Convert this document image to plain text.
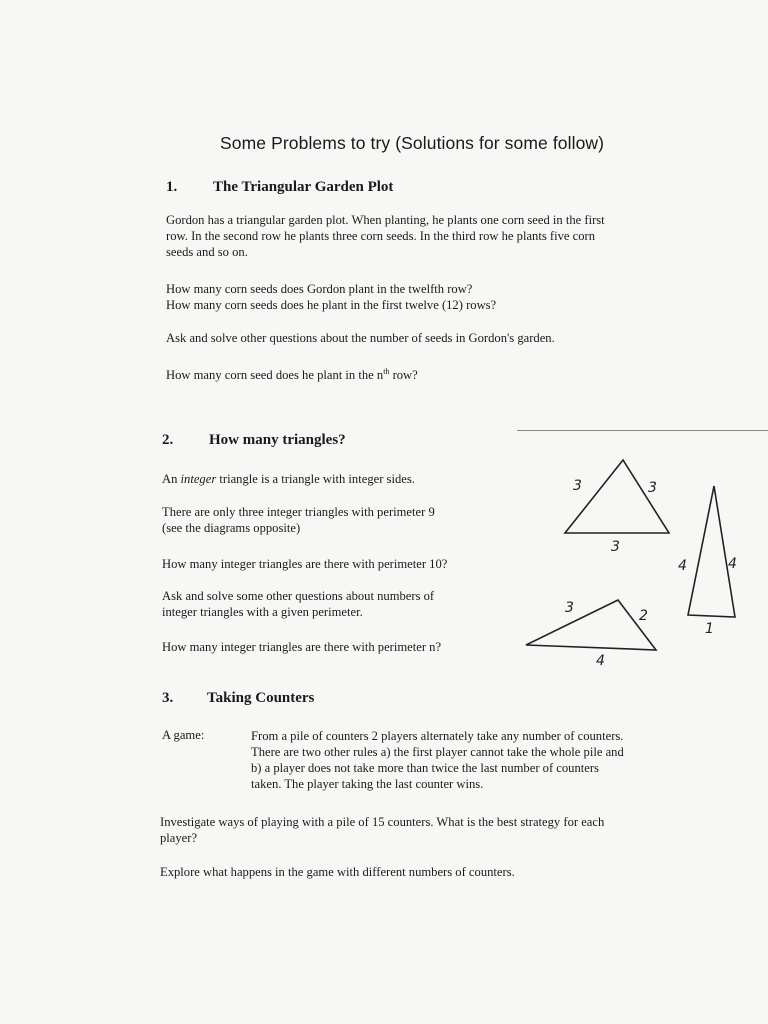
Some Problems to try (Solutions for some follow)
1. The Triangular Garden Plot
Gordon has a triangular garden plot. When planting, he plants one corn seed in the first
row. In the second row he plants three corn seeds. In the third row he plants five corn
seeds and so on.
How many corn seeds does Gordon plant in the twelfth row?
How many corn seeds does he plant in the first twelve (12) rows?
Ask and solve other questions about the number of seeds in Gordon's garden.
How many corn seed does he plant in the $n^{th}$ row?
2. How many triangles?
An integer triangle is a triangle with integer sides.
There are only three integer triangles with perimeter 9
(see the diagrams opposite)
How many integer triangles are there with perimeter 10?
Ask and solve some other questions about numbers of
integer triangles with a given perimeter.
How many integer triangles are there with perimeter n?
3	3
3
4	4
1
3	2
4
3. Taking Counters
A game:	From a pile of counters 2 players alternately take any number of counters.
There are two other rules a) the first player cannot take the whole pile and
b) a player does not take more than twice the last number of counters
taken. The player taking the last counter wins.
Investigate ways of playing with a pile of 15 counters. What is the best strategy for each
player?
Explore what happens in the game with different numbers of counters.
